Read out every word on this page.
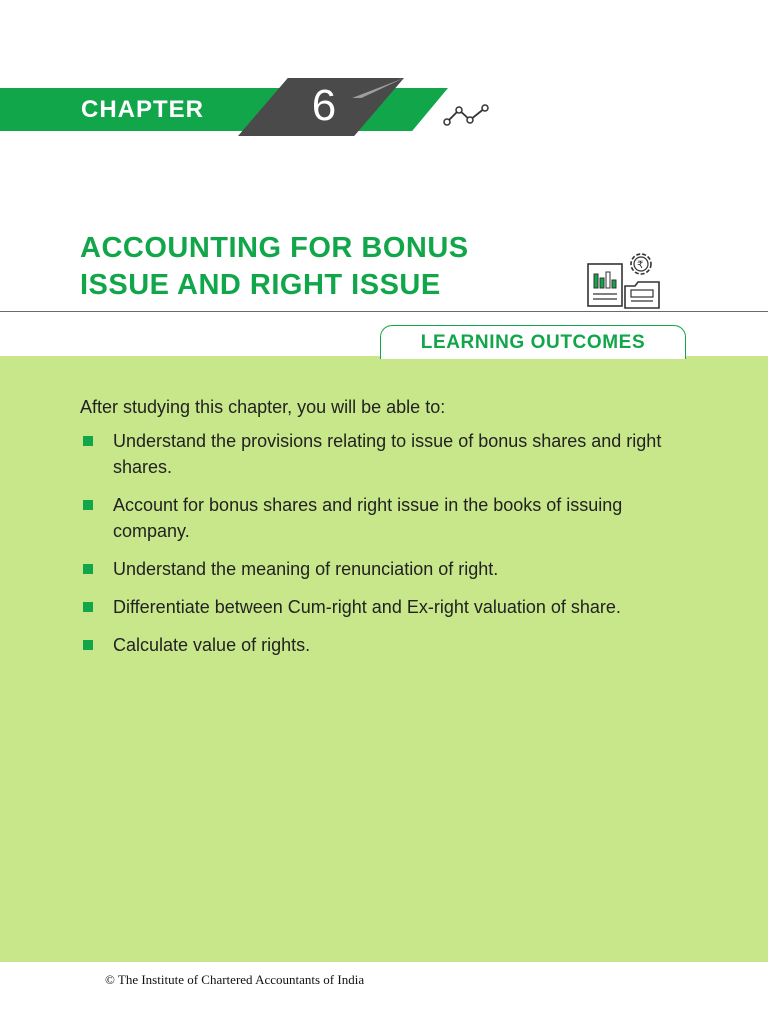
CHAPTER	6
ACCOUNTING FOR BONUS
ISSUE AND RIGHT ISSUE
₹
LEARNING OUTCOMES
After studying this chapter, you will be able to:
Understand the provisions relating to issue of bonus shares and right shares.
Account for bonus shares and right issue in the books of issuing company.
Understand the meaning of renunciation of right.
Differentiate between Cum-right and Ex-right valuation of share.
Calculate value of rights.
© The Institute of Chartered Accountants of India
